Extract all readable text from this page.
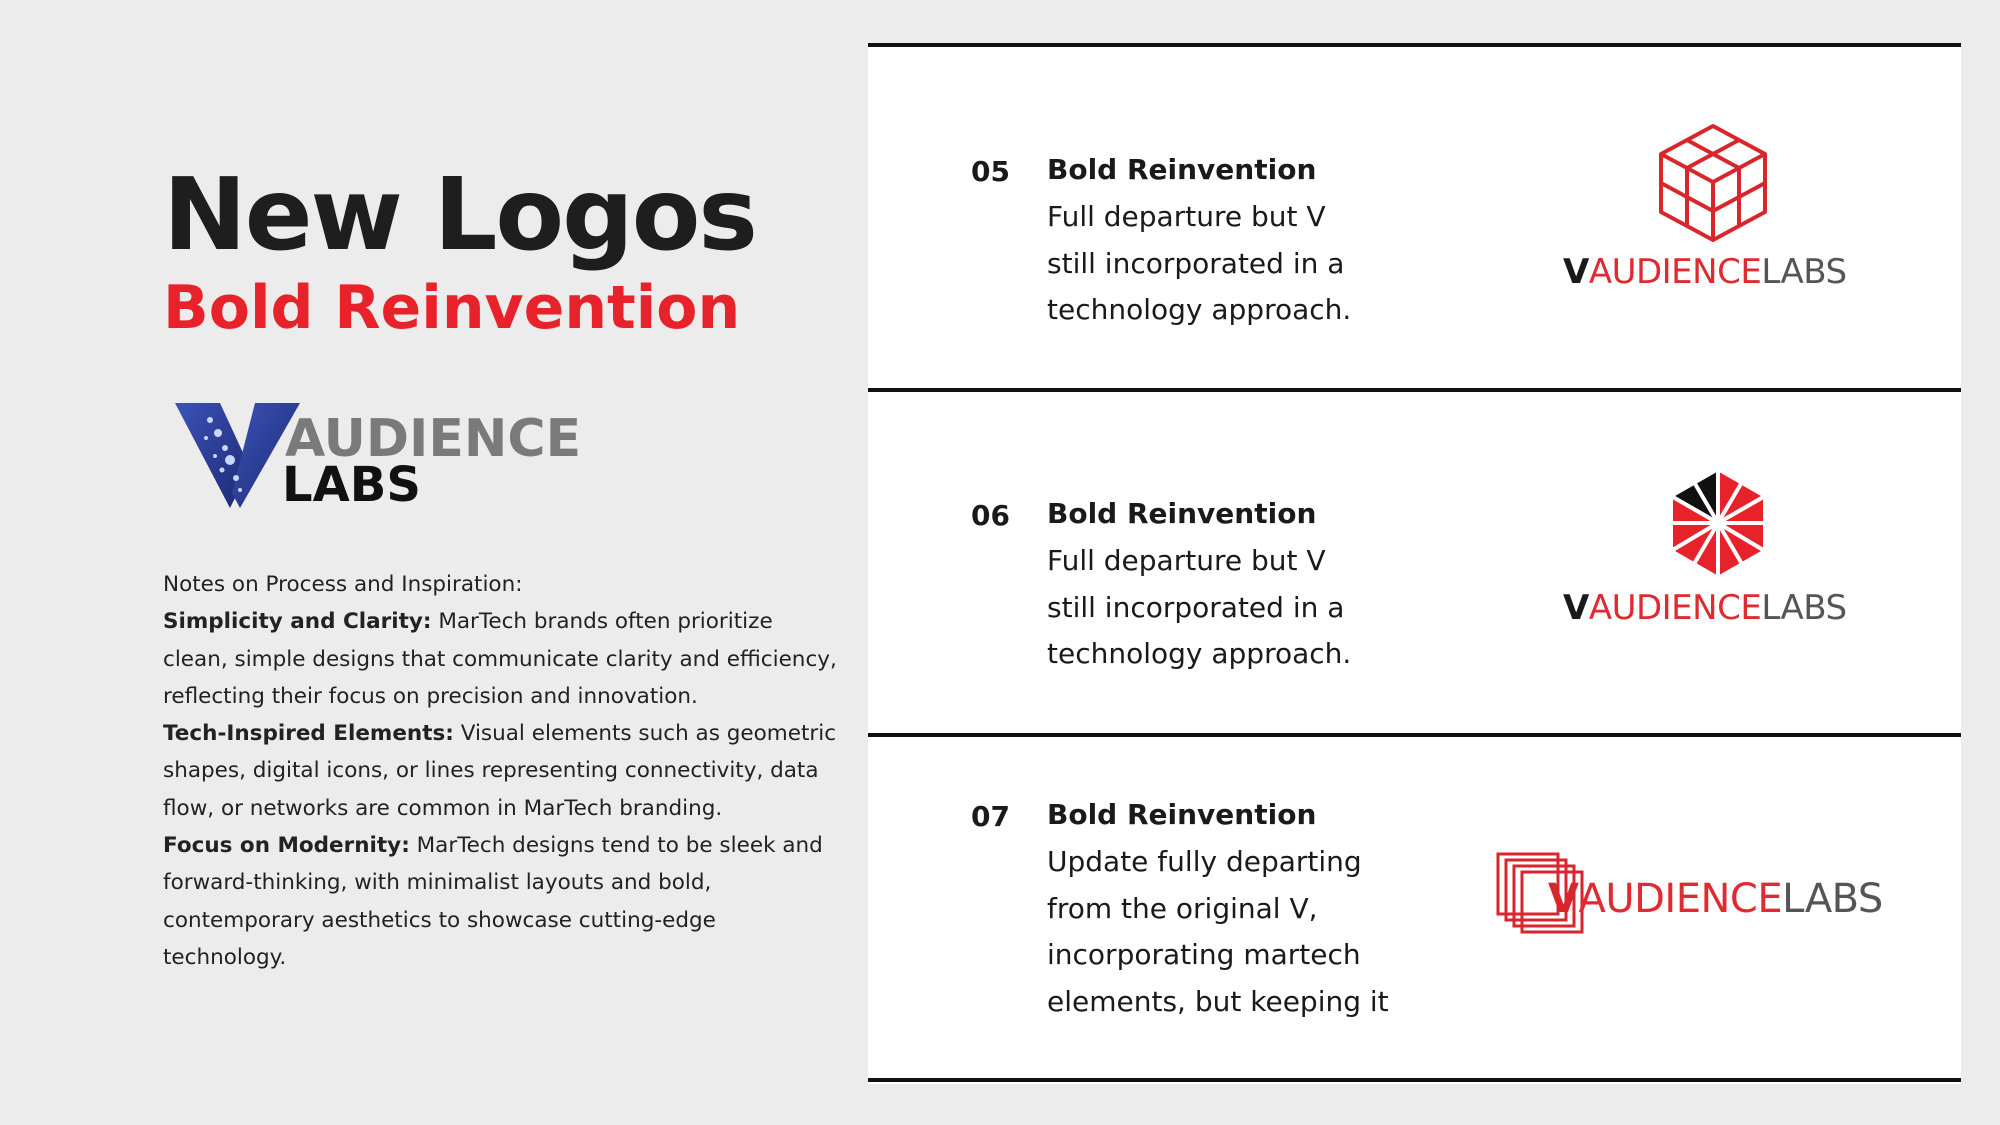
New Logos
Bold Reinvention
AUDIENCE
LABS

Notes on Process and Inspiration:

Simplicity and Clarity: MarTech brands often prioritize clean, simple designs that communicate clarity and efficiency, reflecting their focus on precision and innovation.

Tech-Inspired Elements: Visual elements such as geometric shapes, digital icons, or lines representing connectivity, data flow, or networks are common in MarTech branding.

Focus on Modernity: MarTech designs tend to be sleek and forward-thinking, with minimalist layouts and bold, contemporary aesthetics to showcase cutting-edge technology.

05 Bold Reinvention
Full departure but V
still incorporated in a
technology approach.
VAUDIENCELABS
06 Bold Reinvention
Full departure but V
still incorporated in a
technology approach.
VAUDIENCELABS
07 Bold Reinvention
Update fully departing
from the original V,
incorporating martech
elements, but keeping it
VAUDIENCELABS
